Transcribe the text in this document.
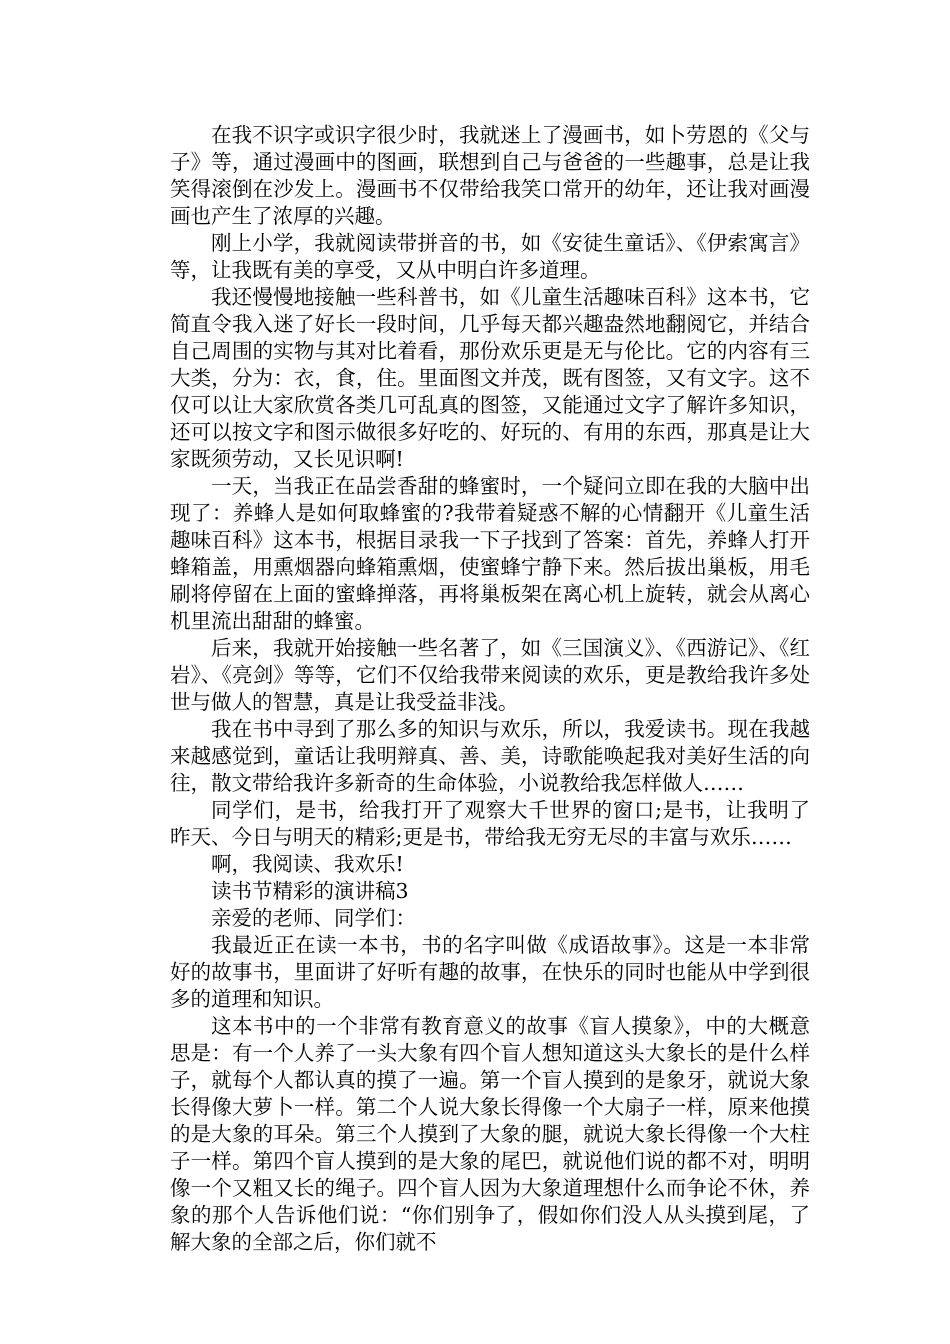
在我不识字或识字很少时，我就迷上了漫画书，如卜劳恩的《父与子》等，通过漫画中的图画，联想到自己与爸爸的一些趣事，总是让我笑得滚倒在沙发上。漫画书不仅带给我笑口常开的幼年，还让我对画漫画也产生了浓厚的兴趣。

刚上小学，我就阅读带拼音的书，如《安徒生童话》、《伊索寓言》等，让我既有美的享受，又从中明白许多道理。

我还慢慢地接触一些科普书，如《儿童生活趣味百科》这本书，它简直令我入迷了好长一段时间，几乎每天都兴趣盎然地翻阅它，并结合自己周围的实物与其对比着看，那份欢乐更是无与伦比。它的内容有三大类，分为：衣，食，住。里面图文并茂，既有图签，又有文字。这不仅可以让大家欣赏各类几可乱真的图签，又能通过文字了解许多知识，还可以按文字和图示做很多好吃的、好玩的、有用的东西，那真是让大家既须劳动，又长见识啊!

一天，当我正在品尝香甜的蜂蜜时，一个疑问立即在我的大脑中出现了：养蜂人是如何取蜂蜜的?我带着疑惑不解的心情翻开《儿童生活趣味百科》这本书，根据目录我一下子找到了答案：首先，养蜂人打开蜂箱盖，用熏烟器向蜂箱熏烟，使蜜蜂宁静下来。然后拔出巢板，用毛刷将停留在上面的蜜蜂掸落，再将巢板架在离心机上旋转，就会从离心机里流出甜甜的蜂蜜。

后来，我就开始接触一些名著了，如《三国演义》、《西游记》、《红岩》、《亮剑》等等，它们不仅给我带来阅读的欢乐，更是教给我许多处世与做人的智慧，真是让我受益非浅。

我在书中寻到了那么多的知识与欢乐，所以，我爱读书。现在我越来越感觉到，童话让我明辩真、善、美，诗歌能唤起我对美好生活的向往，散文带给我许多新奇的生命体验，小说教给我怎样做人……

同学们，是书，给我打开了观察大千世界的窗口;是书，让我明了昨天、今日与明天的精彩;更是书，带给我无穷无尽的丰富与欢乐……

啊，我阅读、我欢乐!

读书节精彩的演讲稿3

亲爱的老师、同学们：

我最近正在读一本书，书的名字叫做《成语故事》。这是一本非常好的故事书，里面讲了好听有趣的故事，在快乐的同时也能从中学到很多的道理和知识。

这本书中的一个非常有教育意义的故事《盲人摸象》，中的大概意思是：有一个人养了一头大象有四个盲人想知道这头大象长的是什么样子，就每个人都认真的摸了一遍。第一个盲人摸到的是象牙，就说大象长得像大萝卜一样。第二个人说大象长得像一个大扇子一样，原来他摸的是大象的耳朵。第三个人摸到了大象的腿，就说大象长得像一个大柱子一样。第四个盲人摸到的是大象的尾巴，就说他们说的都不对，明明像一个又粗又长的绳子。四个盲人因为大象道理想什么而争论不休，养象的那个人告诉他们说：“你们别争了，假如你们没人从头摸到尾，了解大象的全部之后，你们就不
